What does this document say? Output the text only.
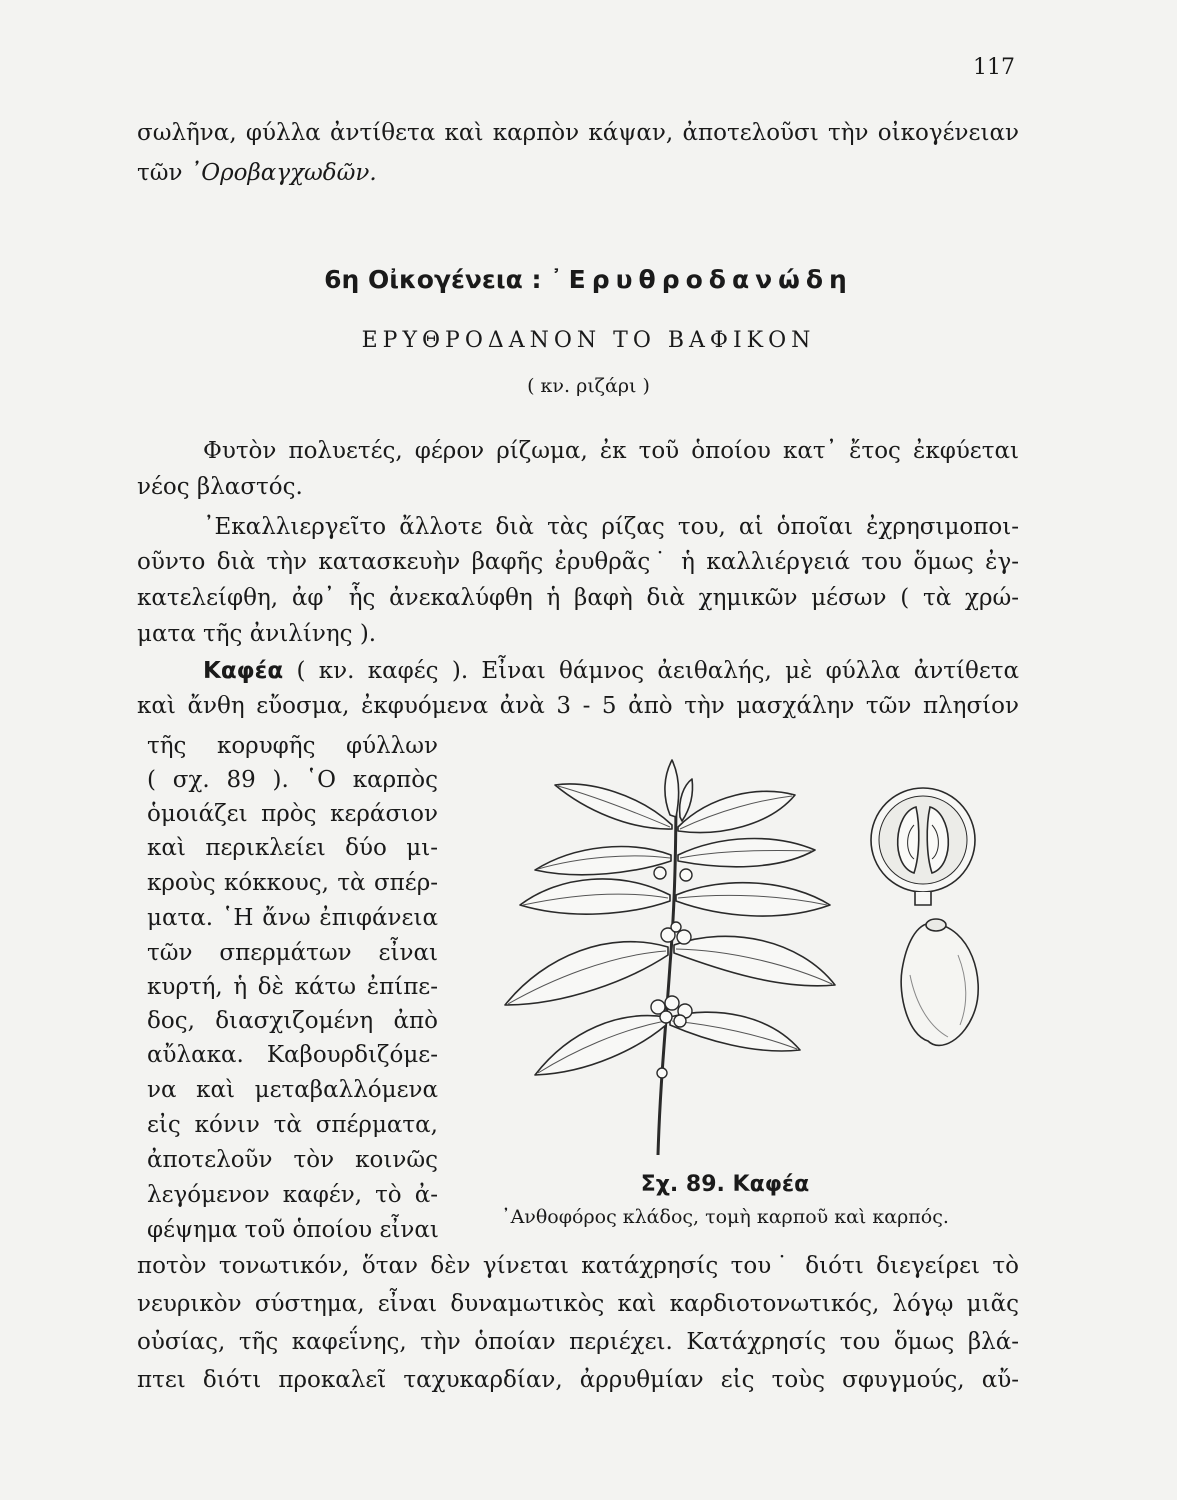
117
σωλῆνα, φύλλα ἀντίθετα καὶ καρπὸν κάψαν, ἀποτελοῦσι τὴν οἰκογένειαν
τῶν ᾿Οροβαγχωδῶν.
6η Οἰκογένεια : ᾿Ερυθροδανώδη
ΕΡΥΘΡΟΔΑΝΟΝ ΤΟ ΒΑΦΙΚΟΝ
( κν. ριζάρι )
Φυτὸν πολυετές, φέρον ρίζωμα, ἐκ τοῦ ὁποίου κατ᾿ ἔτος ἐκφύεται
νέος βλαστός.
᾿Εκαλλιεργεῖτο ἄλλοτε διὰ τὰς ρίζας του, αἱ ὁποῖαι ἐχρησιμοποι-
οῦντο διὰ τὴν κατασκευὴν βαφῆς ἐρυθρᾶς˙ ἡ καλλιέργειά του ὅμως ἐγ-
κατελείφθη, ἀφ᾿ ἧς ἀνεκαλύφθη ἡ βαφὴ διὰ χημικῶν μέσων ( τὰ χρώ-
ματα τῆς ἀνιλίνης ).
Καφέα ( κν. καφές ). Εἶναι θάμνος ἀειθαλής, μὲ φύλλα ἀντίθετα
καὶ ἄνθη εὔοσμα, ἐκφυόμενα ἀνὰ 3 - 5 ἀπὸ τὴν μασχάλην τῶν πλησίον
τῆς κορυφῆς φύλλων
( σχ. 89 ). ῾Ο καρπὸς
ὁμοιάζει πρὸς κεράσιον
καὶ περικλείει δύο μι-
κροὺς κόκκους, τὰ σπέρ-
ματα. ῾Η ἄνω ἐπιφάνεια
τῶν σπερμάτων εἶναι
κυρτή, ἡ δὲ κάτω ἐπίπε-
δος, διασχιζομένη ἀπὸ
αὔλακα. Καβουρδιζόμε-
να καὶ μεταβαλλόμενα
εἰς κόνιν τὰ σπέρματα,
ἀποτελοῦν τὸν κοινῶς
λεγόμενον καφέν, τὸ ἀ-
φέψημα τοῦ ὁποίου εἶναι
ποτὸν τονωτικόν, ὅταν δὲν γίνεται κατάχρησίς του˙ διότι διεγείρει τὸ
νευρικὸν σύστημα, εἶναι δυναμωτικὸς καὶ καρδιοτονωτικός, λόγῳ μιᾶς
οὐσίας, τῆς καφεΐνης, τὴν ὁποίαν περιέχει. Κατάχρησίς του ὅμως βλά-
πτει διότι προκαλεῖ ταχυκαρδίαν, ἀρρυθμίαν εἰς τοὺς σφυγμούς, αὔ-
Σχ. 89. Καφέα
᾿Ανθοφόρος κλάδος, τομὴ καρποῦ καὶ καρπός.
